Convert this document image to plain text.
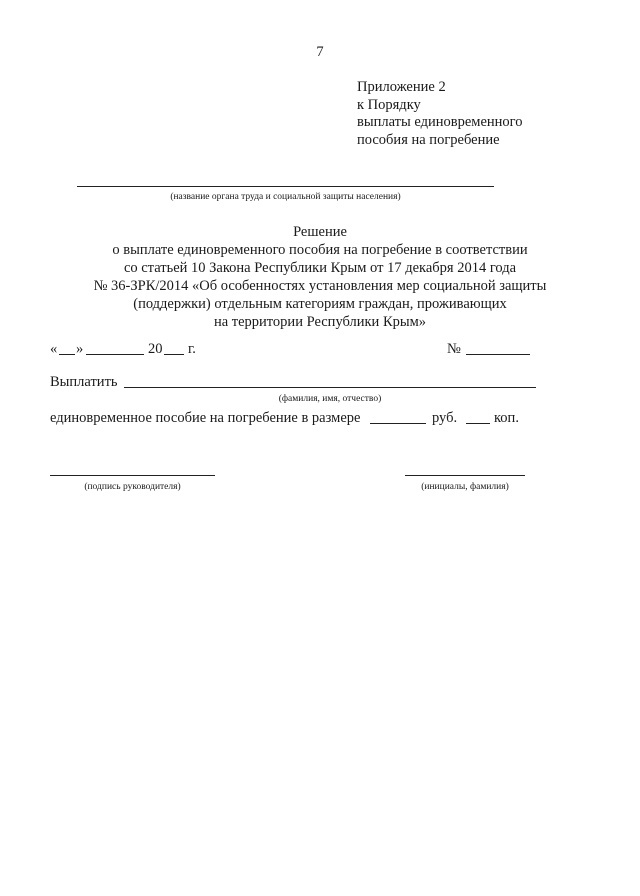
7
Приложение 2
к Порядку
выплаты единовременного
пособия на погребение
(название органа труда и социальной защиты населения)
Решение
о выплате единовременного пособия на погребение в соответствии
со статьей 10 Закона Республики Крым от 17 декабря 2014 года
№ 36-ЗРК/2014 «Об особенностях установления мер социальной защиты
(поддержки) отдельным категориям граждан, проживающих
на территории Республики Крым»
« »	20 г.	№
Выплатить
(фамилия, имя, отчество)
единовременное пособие на погребение в размере	руб.	коп.
(подпись руководителя)	(инициалы, фамилия)
